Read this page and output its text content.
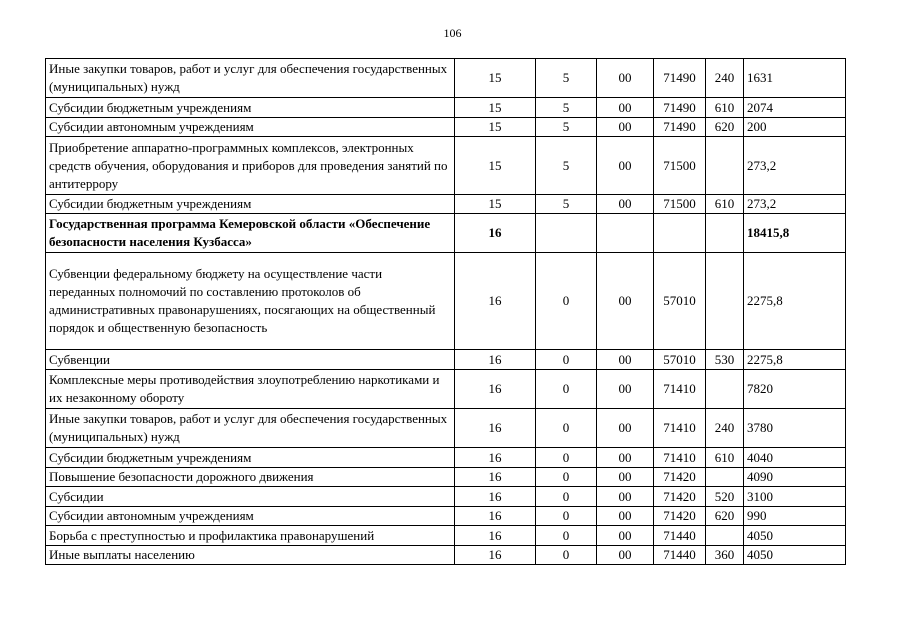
106
Иные закупки товаров, работ и услуг для обеспечения государственных (муниципальных) нужд	15	5	00	71490	240	1631
Субсидии бюджетным учреждениям	15	5	00	71490	610	2074
Субсидии автономным учреждениям	15	5	00	71490	620	200
Приобретение аппаратно-программных комплексов, электронных средств обучения, оборудования и приборов для проведения занятий по антитеррору	15	5	00	71500		273,2
Субсидии бюджетным учреждениям	15	5	00	71500	610	273,2
Государственная программа Кемеровской области «Обеспечение безопасности населения Кузбасса»	16					18415,8
Субвенции федеральному бюджету на осуществление части переданных полномочий по составлению протоколов об административных правонарушениях, посягающих на общественный порядок и общественную безопасность	16	0	00	57010		2275,8
Субвенции	16	0	00	57010	530	2275,8
Комплексные меры противодействия злоупотреблению наркотиками и их незаконному обороту	16	0	00	71410		7820
Иные закупки товаров, работ и услуг для обеспечения государственных (муниципальных) нужд	16	0	00	71410	240	3780
Субсидии бюджетным учреждениям	16	0	00	71410	610	4040
Повышение безопасности дорожного движения	16	0	00	71420		4090
Субсидии	16	0	00	71420	520	3100
Субсидии автономным учреждениям	16	0	00	71420	620	990
Борьба с преступностью и профилактика правонарушений	16	0	00	71440		4050
Иные выплаты населению	16	0	00	71440	360	4050
